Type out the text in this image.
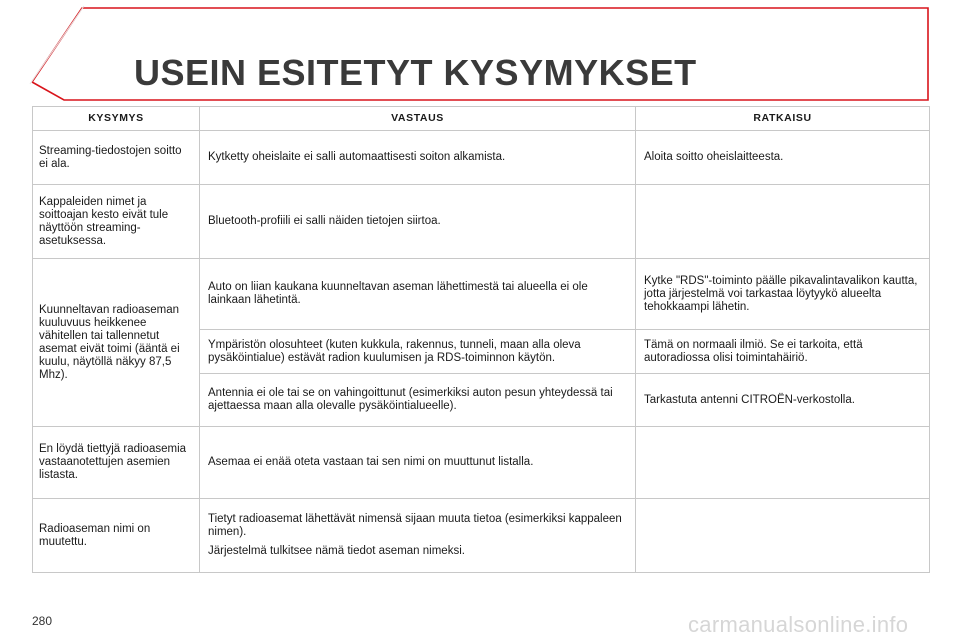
USEIN ESITETYT KYSYMYKSET
KYSYMYS	VASTAUS	RATKAISU
Streaming-tiedostojen soitto ei ala.	Kytketty oheislaite ei salli automaattisesti soiton alkamista.	Aloita soitto oheislaitteesta.
Kappaleiden nimet ja soittoajan kesto eivät tule näyttöön streaming-asetuksessa.	Bluetooth-profiili ei salli näiden tietojen siirtoa.	
Kuunneltavan radioaseman kuuluvuus heikkenee vähitellen tai tallennetut asemat eivät toimi (ääntä ei kuulu, näytöllä näkyy 87,5 Mhz).	Auto on liian kaukana kuunneltavan aseman lähettimestä tai alueella ei ole lainkaan lähetintä.	Kytke "RDS"-toiminto päälle pikavalintavalikon kautta, jotta järjestelmä voi tarkastaa löytyykö alueelta tehokkaampi lähetin.
	Ympäristön olosuhteet (kuten kukkula, rakennus, tunneli, maan alla oleva pysäköintialue) estävät radion kuulumisen ja RDS-toiminnon käytön.	Tämä on normaali ilmiö. Se ei tarkoita, että autoradiossa olisi toimintahäiriö.
	Antennia ei ole tai se on vahingoittunut (esimerkiksi auton pesun yhteydessä tai ajettaessa maan alla olevalle pysäköintialueelle).	Tarkastuta antenni CITROËN-verkostolla.
En löydä tiettyjä radioasemia vastaanotettujen asemien listasta.	Asemaa ei enää oteta vastaan tai sen nimi on muuttunut listalla.	
Radioaseman nimi on muutettu.	Tietyt radioasemat lähettävät nimensä sijaan muuta tietoa (esimerkiksi kappaleen nimen).

Järjestelmä tulkitsee nämä tiedot aseman nimeksi.	

280	carmanualsonline.info
